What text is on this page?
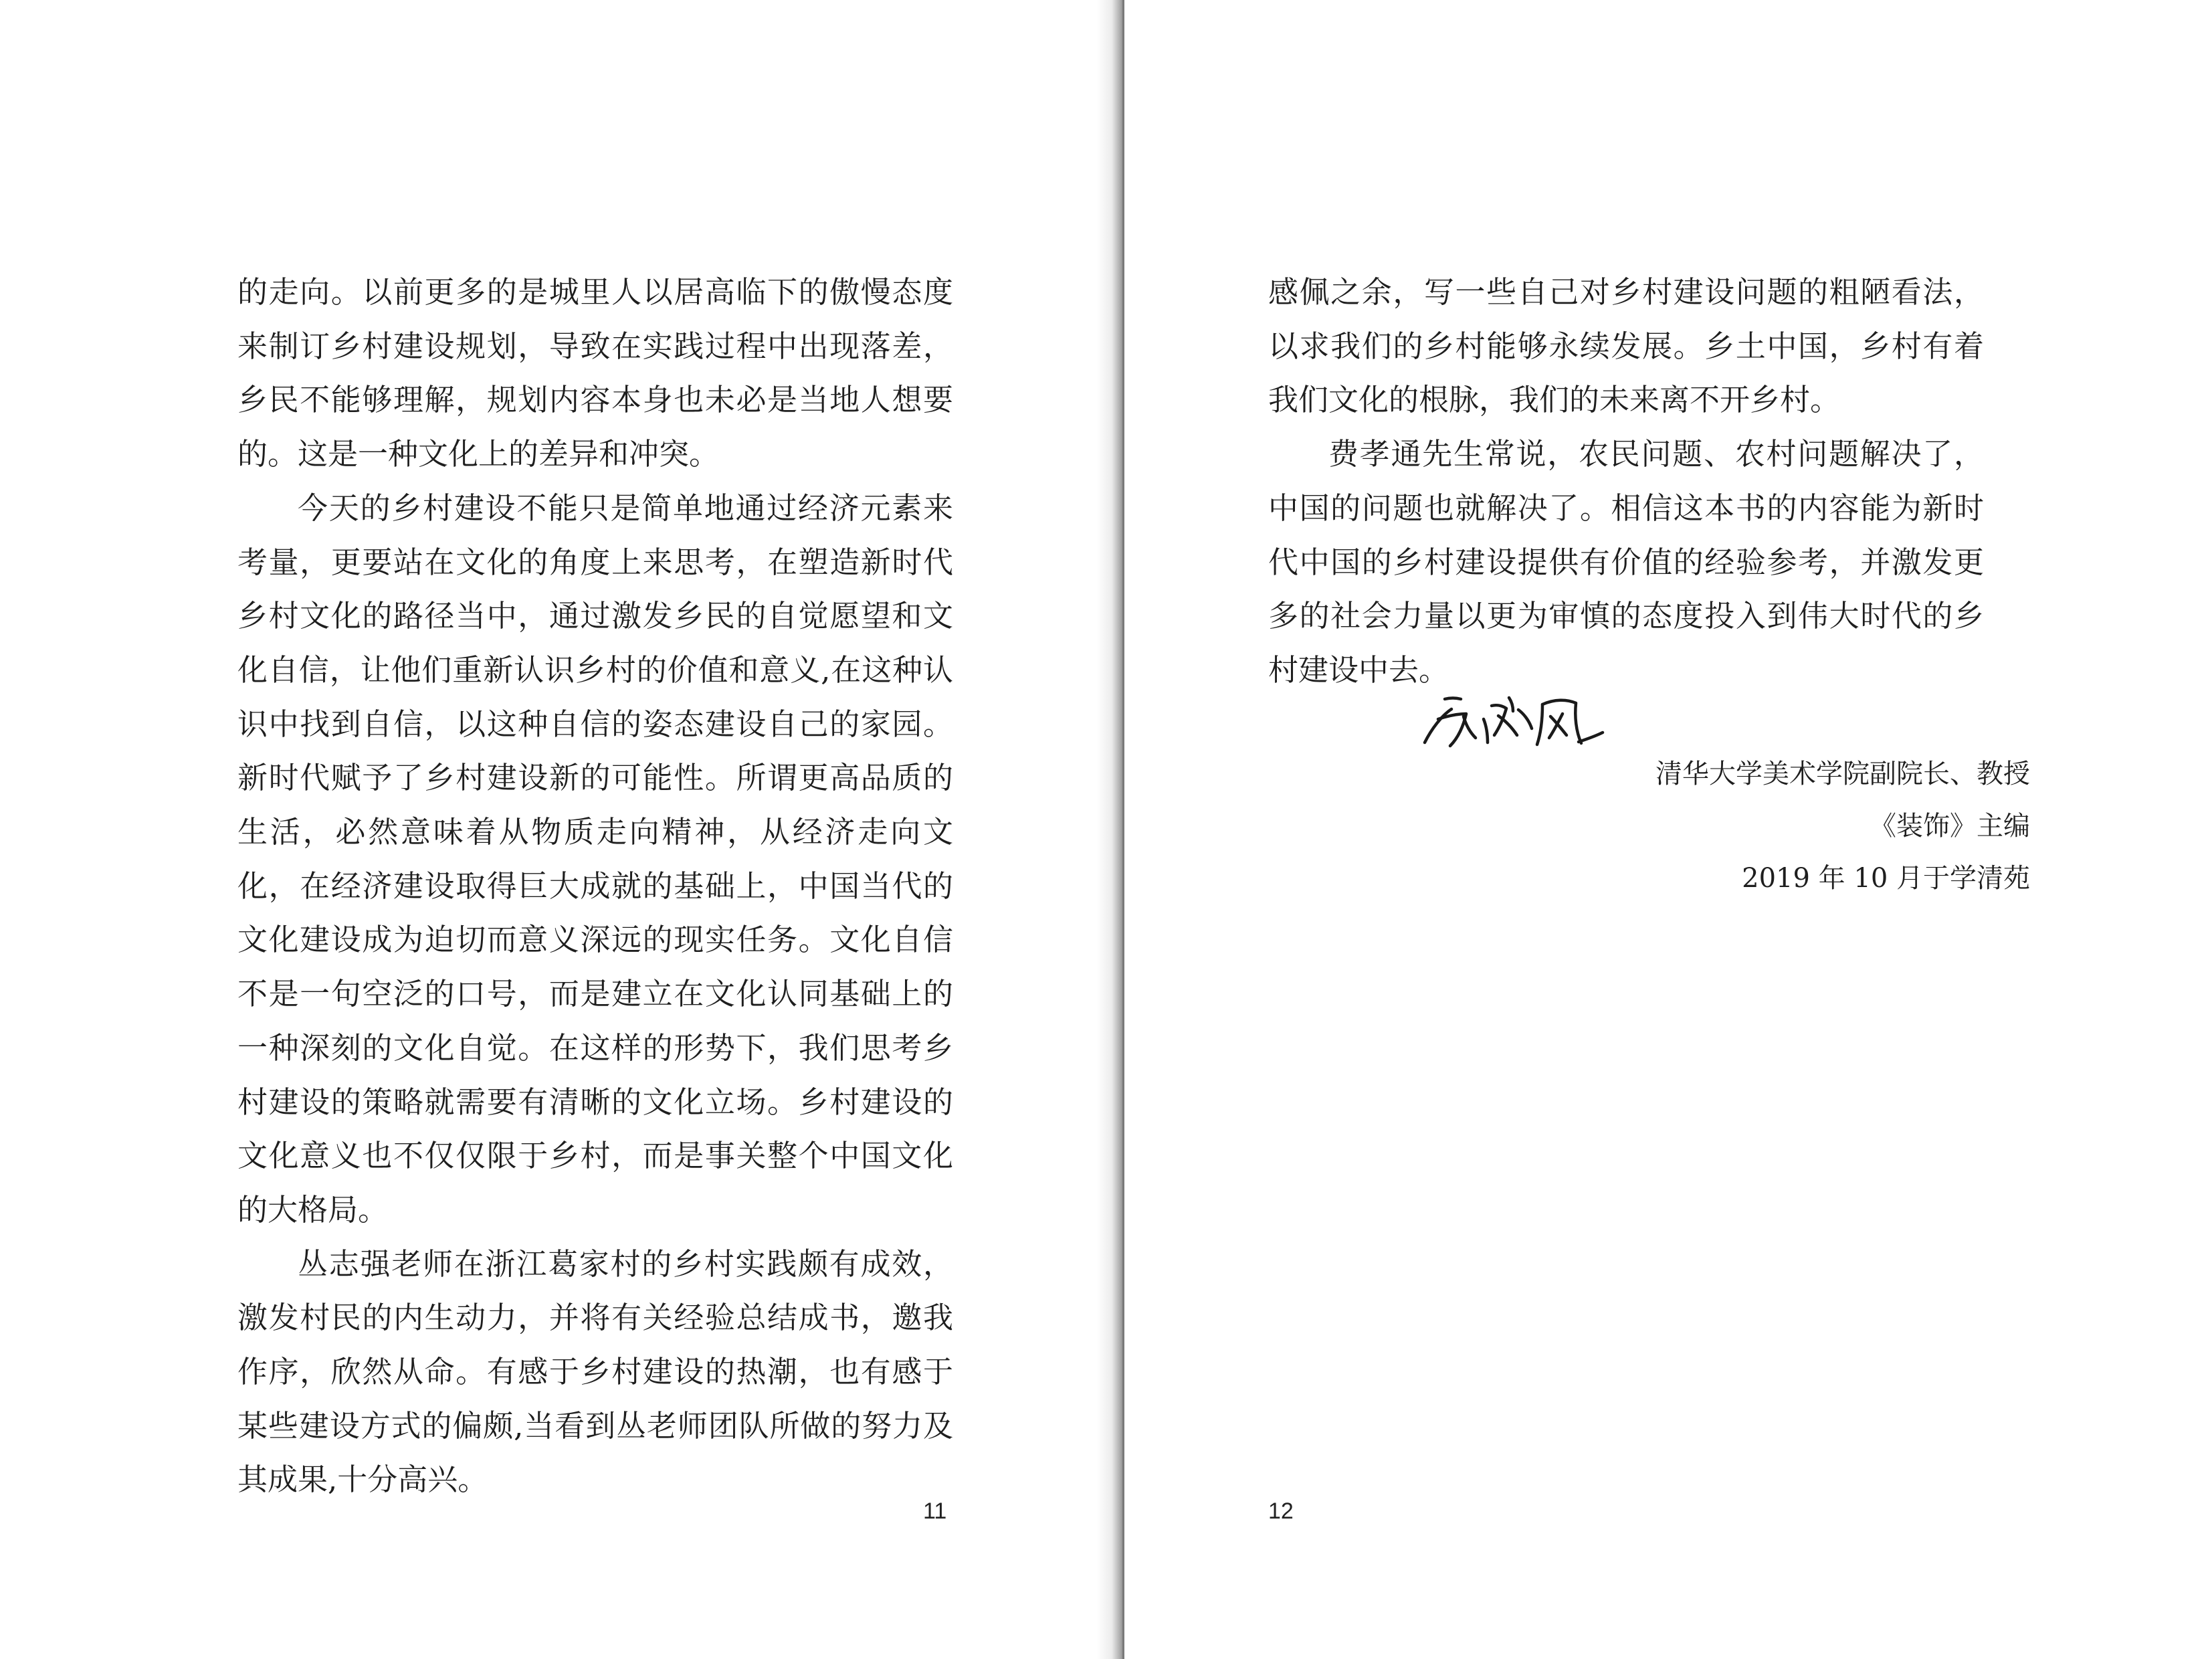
的走向。以前更多的是城里人以居高临下的傲慢态度来制订乡村建设规划，导致在实践过程中出现落差，乡民不能够理解，规划内容本身也未必是当地人想要的。这是一种文化上的差异和冲突。

今天的乡村建设不能只是简单地通过经济元素来考量，更要站在文化的角度上来思考，在塑造新时代乡村文化的路径当中，通过激发乡民的自觉愿望和文化自信，让他们重新认识乡村的价值和意义,在这种认识中找到自信，以这种自信的姿态建设自己的家园。新时代赋予了乡村建设新的可能性。所谓更高品质的生活，必然意味着从物质走向精神，从经济走向文化，在经济建设取得巨大成就的基础上，中国当代的文化建设成为迫切而意义深远的现实任务。文化自信不是一句空泛的口号，而是建立在文化认同基础上的一种深刻的文化自觉。在这样的形势下，我们思考乡村建设的策略就需要有清晰的文化立场。乡村建设的文化意义也不仅仅限于乡村，而是事关整个中国文化的大格局。

丛志强老师在浙江葛家村的乡村实践颇有成效，激发村民的内生动力，并将有关经验总结成书，邀我作序，欣然从命。有感于乡村建设的热潮，也有感于某些建设方式的偏颇,当看到丛老师团队所做的努力及其成果,十分高兴。

11

感佩之余，写一些自己对乡村建设问题的粗陋看法，以求我们的乡村能够永续发展。乡土中国，乡村有着我们文化的根脉，我们的未来离不开乡村。

费孝通先生常说，农民问题、农村问题解决了，中国的问题也就解决了。相信这本书的内容能为新时代中国的乡村建设提供有价值的经验参考，并激发更多的社会力量以更为审慎的态度投入到伟大时代的乡村建设中去。

清华大学美术学院副院长、教授
《装饰》主编
2019 年 10 月于学清苑
12
